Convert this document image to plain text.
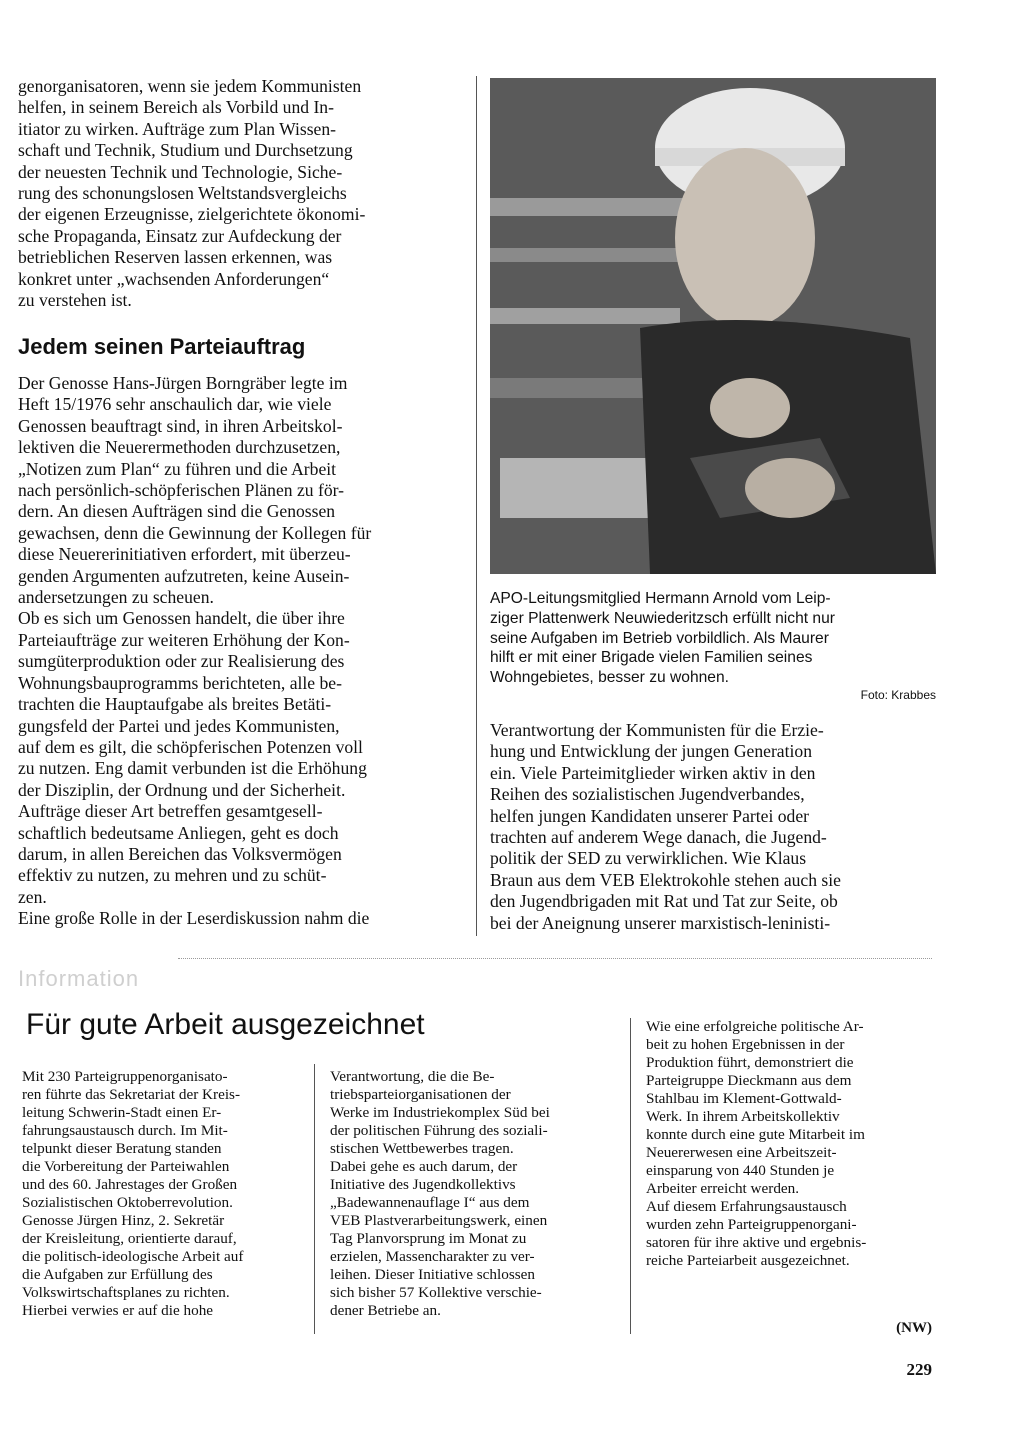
genorganisatoren, wenn sie jedem Kommunisten
helfen, in seinem Bereich als Vorbild und In-
itiator zu wirken. Aufträge zum Plan Wissen-
schaft und Technik, Studium und Durchsetzung
der neuesten Technik und Technologie, Siche-
rung des schonungslosen Weltstandsvergleichs
der eigenen Erzeugnisse, zielgerichtete ökonomi-
sche Propaganda, Einsatz zur Aufdeckung der
betrieblichen Reserven lassen erkennen, was
konkret unter „wachsenden Anforderungen“
zu verstehen ist.

Jedem seinen Parteiauftrag

Der Genosse Hans-Jürgen Borngräber legte im
Heft 15/1976 sehr anschaulich dar, wie viele
Genossen beauftragt sind, in ihren Arbeitskol-
lektiven die Neuerermethoden durchzusetzen,
„Notizen zum Plan“ zu führen und die Arbeit
nach persönlich-schöpferischen Plänen zu för-
dern. An diesen Aufträgen sind die Genossen
gewachsen, denn die Gewinnung der Kollegen für
diese Neuererinitiativen erfordert, mit überzeu-
genden Argumenten aufzutreten, keine Ausein-
andersetzungen zu scheuen.

Ob es sich um Genossen handelt, die über ihre
Parteiaufträge zur weiteren Erhöhung der Kon-
sumgüterproduktion oder zur Realisierung des
Wohnungsbauprogramms berichteten, alle be-
trachten die Hauptaufgabe als breites Betäti-
gungsfeld der Partei und jedes Kommunisten,
auf dem es gilt, die schöpferischen Potenzen voll
zu nutzen. Eng damit verbunden ist die Erhöhung
der Disziplin, der Ordnung und der Sicherheit.
Aufträge dieser Art betreffen gesamtgesell-
schaftlich bedeutsame Anliegen, geht es doch
darum, in allen Bereichen das Volksvermögen
effektiv zu nutzen, zu mehren und zu schüt-
zen.

Eine große Rolle in der Leserdiskussion nahm die

APO-Leitungsmitglied Hermann Arnold vom Leip-
ziger Plattenwerk Neuwiederitzsch erfüllt nicht nur
seine Aufgaben im Betrieb vorbildlich. Als Maurer
hilft er mit einer Brigade vielen Familien seines
Wohngebietes, besser zu wohnen.

Foto: Krabbes

Verantwortung der Kommunisten für die Erzie-
hung und Entwicklung der jungen Generation
ein. Viele Parteimitglieder wirken aktiv in den
Reihen des sozialistischen Jugendverbandes,
helfen jungen Kandidaten unserer Partei oder
trachten auf anderem Wege danach, die Jugend-
politik der SED zu verwirklichen. Wie Klaus
Braun aus dem VEB Elektrokohle stehen auch sie
den Jugendbrigaden mit Rat und Tat zur Seite, ob
bei der Aneignung unserer marxistisch-leninisti-

Information
Für gute Arbeit ausgezeichnet

Mit 230 Parteigruppenorganisato-
ren führte das Sekretariat der Kreis-
leitung Schwerin-Stadt einen Er-
fahrungsaustausch durch. Im Mit-
telpunkt dieser Beratung standen
die Vorbereitung der Parteiwahlen
und des 60. Jahrestages der Großen
Sozialistischen Oktoberrevolution.
Genosse Jürgen Hinz, 2. Sekretär
der Kreisleitung, orientierte darauf,
die politisch-ideologische Arbeit auf
die Aufgaben zur Erfüllung des
Volkswirtschaftsplanes zu richten.
Hierbei verwies er auf die hohe

Verantwortung, die die Be-
triebsparteiorganisationen der
Werke im Industriekomplex Süd bei
der politischen Führung des soziali-
stischen Wettbewerbes tragen.
Dabei gehe es auch darum, der
Initiative des Jugendkollektivs
„Badewannenauflage I“ aus dem
VEB Plastverarbeitungswerk, einen
Tag Planvorsprung im Monat zu
erzielen, Massencharakter zu ver-
leihen. Dieser Initiative schlossen
sich bisher 57 Kollektive verschie-
dener Betriebe an.

Wie eine erfolgreiche politische Ar-
beit zu hohen Ergebnissen in der
Produktion führt, demonstriert die
Parteigruppe Dieckmann aus dem
Stahlbau im Klement-Gottwald-
Werk. In ihrem Arbeitskollektiv
konnte durch eine gute Mitarbeit im
Neuererwesen eine Arbeitszeit-
einsparung von 440 Stunden je
Arbeiter erreicht werden.

Auf diesem Erfahrungsaustausch
wurden zehn Parteigruppenorgani-
satoren für ihre aktive und ergebnis-
reiche Parteiarbeit ausgezeichnet.

(NW)
229
